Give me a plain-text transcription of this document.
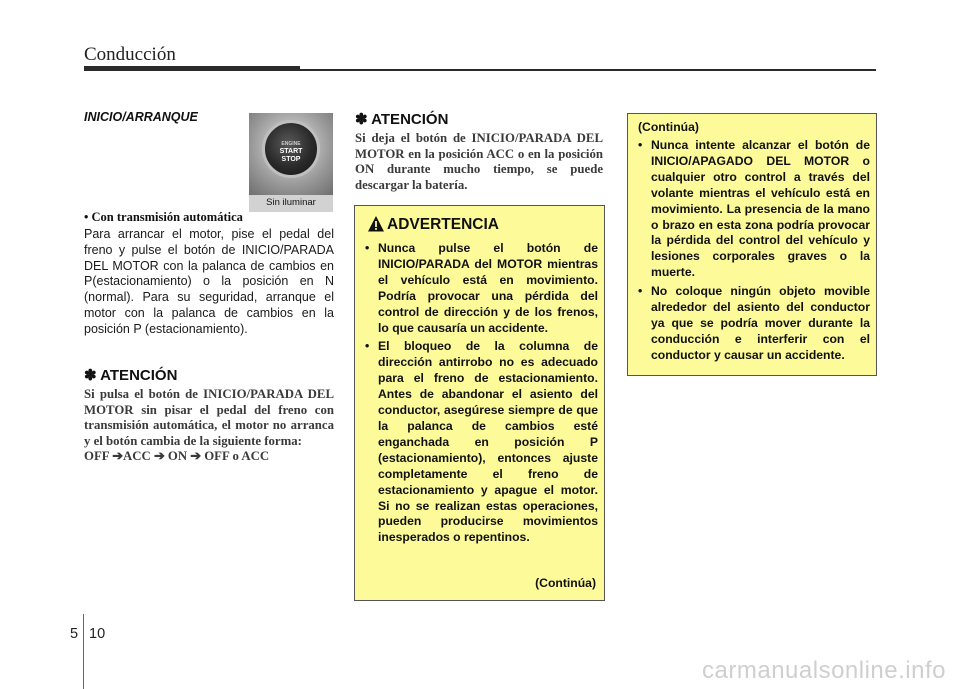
Conducción
INICIO/ARRANQUE
ENGINE
START
STOP
Sin iluminar
• Con transmisión automática
Para arrancar el motor, pise el pedal del freno y pulse el botón de INICIO/PARADA DEL MOTOR con la palanca de cambios en P(estacionamiento) o la posición en N (normal). Para su seguridad, arranque el motor con la palanca de cambios en la posición P (estacionamiento).
✽ ATENCIÓN
Si pulsa el botón de INICIO/PARADA DEL MOTOR sin pisar el pedal del freno con transmisión automática, el motor no arranca y el botón cambia de la siguiente forma:
OFF ➔ACC ➔ ON ➔ OFF o ACC
✽ ATENCIÓN
Si deja el botón de INICIO/PARADA DEL MOTOR en la posición ACC o en la posición ON durante mucho tiempo, se puede descargar la batería.
ADVERTENCIA
• Nunca pulse el botón de INICIO/PARADA del MOTOR mientras el vehículo está en movimiento. Podría provocar una pérdida del control de dirección y de los frenos, lo que causaría un accidente.
• El bloqueo de la columna de dirección antirrobo no es adecuado para el freno de estacionamiento. Antes de abandonar el asiento del conductor, asegúrese siempre de que la palanca de cambios esté enganchada en posición P (estacionamiento), entonces ajuste completamente el freno de estacionamiento y apague el motor. Si no se realizan estas operaciones, pueden producirse movimientos inesperados o repentinos.
(Continúa)
(Continúa)
• Nunca intente alcanzar el botón de INICIO/APAGADO DEL MOTOR o cualquier otro control a través del volante mientras el vehículo está en movimiento. La presencia de la mano o brazo en esta zona podría provocar la pérdida del control del vehículo y lesiones corporales graves o la muerte.
• No coloque ningún objeto movible alrededor del asiento del conductor ya que se podría mover durante la conducción e interferir con el conductor y causar un accidente.
5 10
carmanualsonline.info
